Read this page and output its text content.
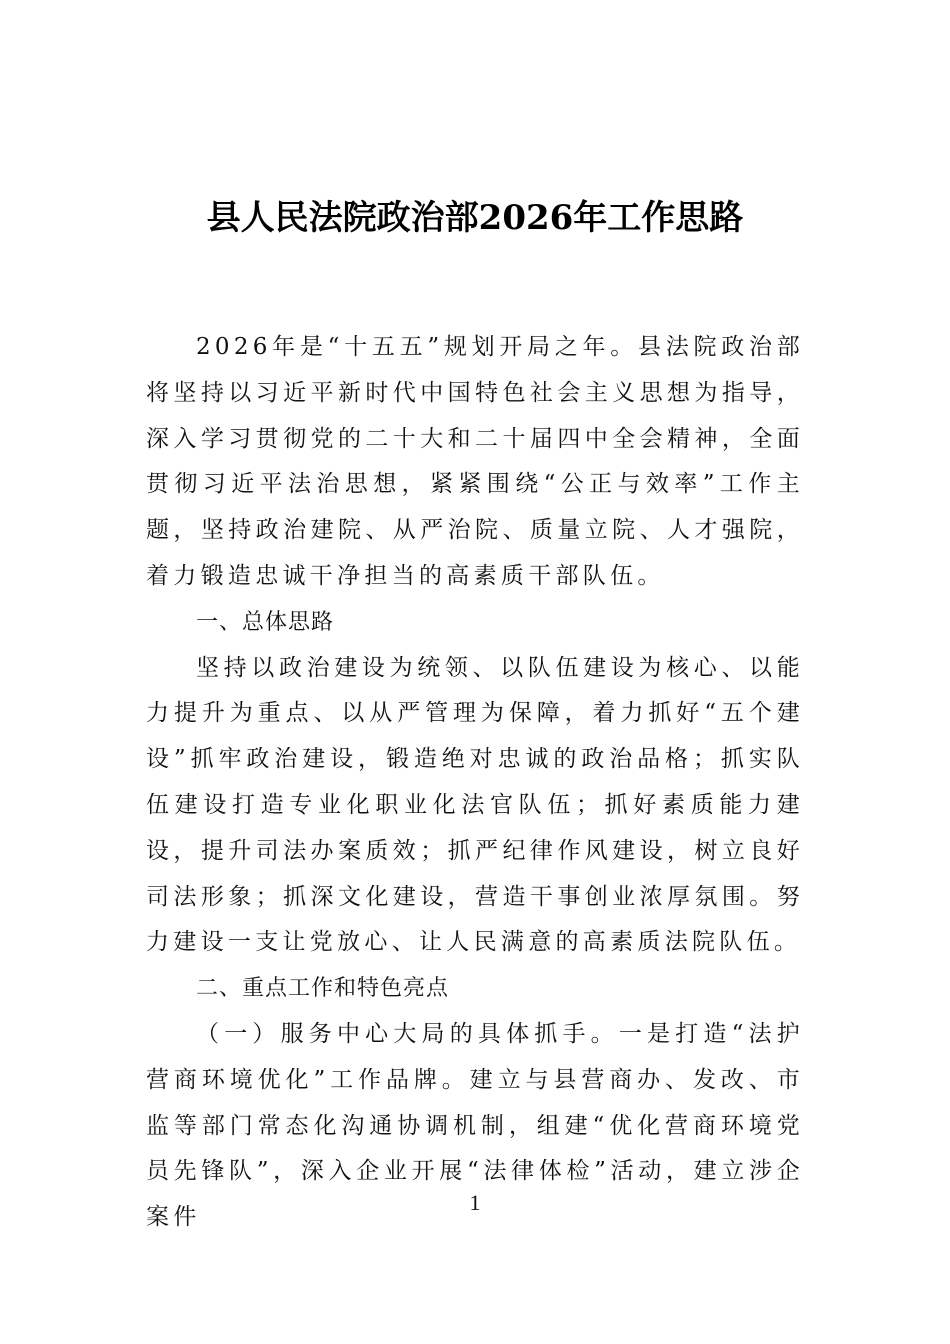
县人民法院政治部2026年工作思路

2026年是“十五五”规划开局之年。县法院政治部将坚持以习近平新时代中国特色社会主义思想为指导，深入学习贯彻党的二十大和二十届四中全会精神，全面贯彻习近平法治思想，紧紧围绕“公正与效率”工作主题，坚持政治建院、从严治院、质量立院、人才强院，着力锻造忠诚干净担当的高素质干部队伍。

一、总体思路

坚持以政治建设为统领、以队伍建设为核心、以能力提升为重点、以从严管理为保障，着力抓好“五个建设”抓牢政治建设，锻造绝对忠诚的政治品格；抓实队伍建设打造专业化职业化法官队伍；抓好素质能力建设，提升司法办案质效；抓严纪律作风建设，树立良好司法形象；抓深文化建设，营造干事创业浓厚氛围。努力建设一支让党放心、让人民满意的高素质法院队伍。

二、重点工作和特色亮点

（一）服务中心大局的具体抓手。一是打造“法护营商环境优化”工作品牌。建立与县营商办、发改、市监等部门常态化沟通协调机制，组建“优化营商环境党员先锋队”，深入企业开展“法律体检”活动，建立涉企案件

1
